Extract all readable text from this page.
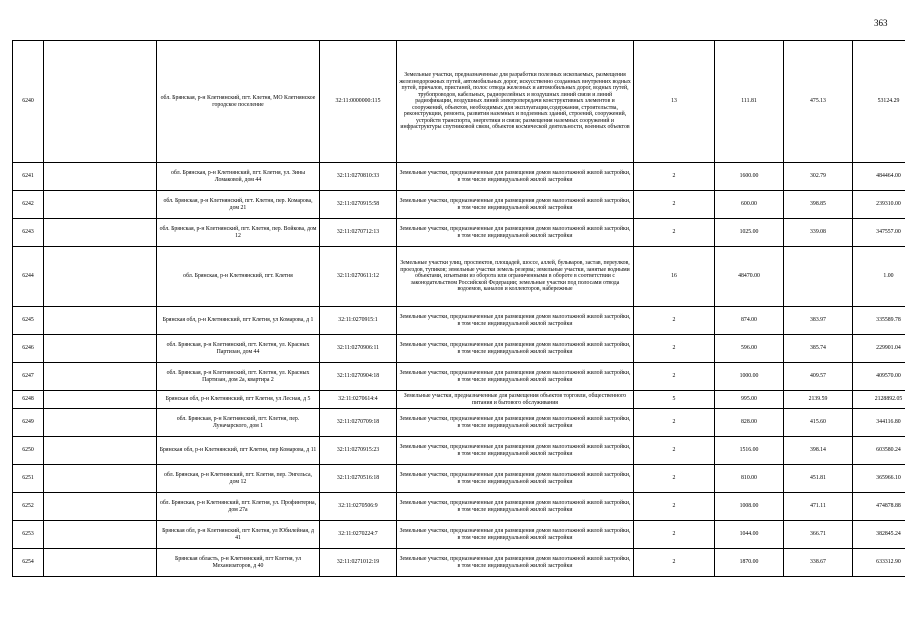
363
6240		обл. Брянская, р-н Клетнянский, пгт. Клетня, МО Клетнянское городское поселение	32:11:0000000:115	Земельные участки, предназначенные для разработки полезных ископаемых, размещения железнодорожных путей, автомобильных дорог, искусственно созданных внутренних водных путей, причалов, пристаней, полос отвода железных и автомобильных дорог, водных путей, трубопроводов, кабельных, радиорелейных и воздушных линий связи и линий радиофикации, воздушных линий электропередачи конструктивных элементов и сооружений, объектов, необходимых для эксплуатации,содержания, строительства, реконструкции, ремонта, развития наземных и подземных зданий, строений, сооружений, устройств транспорта, энергетики и связи; размещения наземных сооружений и инфраструктуры спутниковой связи, объектов космической деятельности, военных объектов	13	111.81	475.13	53124.29
6241		обл. Брянская, р-н Клетнянский, пгт. Клетня, ул. Зины Ломаковой, дом 44	32:11:0270810:33	Земельные участки, предназначенные для размещения домов малоэтажной жилой застройки, в том числе индивидуальной жилой застройки	2	1600.00	302.79	484464.00
6242		обл. Брянская, р-н Клетнянский, пгт. Клетня, пер. Комарова, дом 21	32:11:0270915:58	Земельные участки, предназначенные для размещения домов малоэтажной жилой застройки, в том числе индивидуальной жилой застройки	2	600.00	398.85	239310.00
6243		обл. Брянская, р-н Клетнянский, пгт. Клетня, пер. Войкова, дом 12	32:11:0270712:13	Земельные участки, предназначенные для размещения домов малоэтажной жилой застройки, в том числе индивидуальной жилой застройки	2	1025.00	339.08	347557.00
6244		обл. Брянская, р-н Клетнянский, пгт. Клетня	32:11:0270611:12	Земельные участки улиц, проспектов, площадей, шоссе, аллей, бульваров, застав, переулков, проездов, тупиков; земельные участки земель резерва; земельные участки, занятые водными объектами, изъятыми из оборота или ограниченными в обороте в соответствии с законодательством Российской Федерации; земельные участки под полосами отвода водоемов, каналов и коллекторов, набережные	16	48470.00		1.00
6245		Брянская обл, р-н Клетнянский, пгт Клетня, ул Комарова, д 1	32:11:0270915:1	Земельные участки, предназначенные для размещения домов малоэтажной жилой застройки, в том числе индивидуальной жилой застройки	2	874.00	383.97	335589.78
6246		обл. Брянская, р-н Клетнянский, пгт. Клетня, ул. Красных Партизан, дом 44	32:11:0270906:11	Земельные участки, предназначенные для размещения домов малоэтажной жилой застройки, в том числе индивидуальной жилой застройки	2	596.00	385.74	229901.04
6247		обл. Брянская, р-н Клетнянский, пгт. Клетня, ул. Красных Партизан, дом 2а, квартира 2	32:11:0270904:18	Земельные участки, предназначенные для размещения домов малоэтажной жилой застройки, в том числе индивидуальной жилой застройки	2	1000.00	409.57	409570.00
6248		Брянская обл, р-н Клетнянский, пгт Клетня, ул Лесная, д 5	32:11:0270614:4	Земельные участки, предназначенные для размещения объектов торговли, общественного питания и бытового обслуживания	5	995.00	2139.59	2128892.05
6249		обл. Брянская, р-н Клетнянский, пгт. Клетня, пер. Луначарского, дом 1	32:11:0270709:18	Земельные участки, предназначенные для размещения домов малоэтажной жилой застройки, в том числе индивидуальной жилой застройки	2	828.00	415.60	344116.80
6250		Брянская обл, р-н Клетнянский, пгт Клетня, пер Комарова, д 11	32:11:0270915:23	Земельные участки, предназначенные для размещения домов малоэтажной жилой застройки, в том числе индивидуальной жилой застройки	2	1516.00	398.14	603580.24
6251		обл. Брянская, р-н Клетнянский, пгт. Клетня, пер. Энгельса, дом 12	32:11:0270516:18	Земельные участки, предназначенные для размещения домов малоэтажной жилой застройки, в том числе индивидуальной жилой застройки	2	810.00	451.81	365966.10
6252		обл. Брянская, р-н Клетнянский, пгт. Клетня, ул. Профинтерна, дом 27а	32:11:0270506:9	Земельные участки, предназначенные для размещения домов малоэтажной жилой застройки, в том числе индивидуальной жилой застройки	2	1008.00	471.11	474878.88
6253		Брянская обл, р-н Клетнянский, пгт Клетня, ул Юбилейная, д 41	32:11:0270224:7	Земельные участки, предназначенные для размещения домов малоэтажной жилой застройки, в том числе индивидуальной жилой застройки	2	1044.00	366.71	382845.24
6254		Брянская область, р-н Клетнянский, пгт Клетня, ул Механизаторов, д 40	32:11:0271012:19	Земельные участки, предназначенные для размещения домов малоэтажной жилой застройки, в том числе индивидуальной жилой застройки	2	1870.00	338.67	633312.90
